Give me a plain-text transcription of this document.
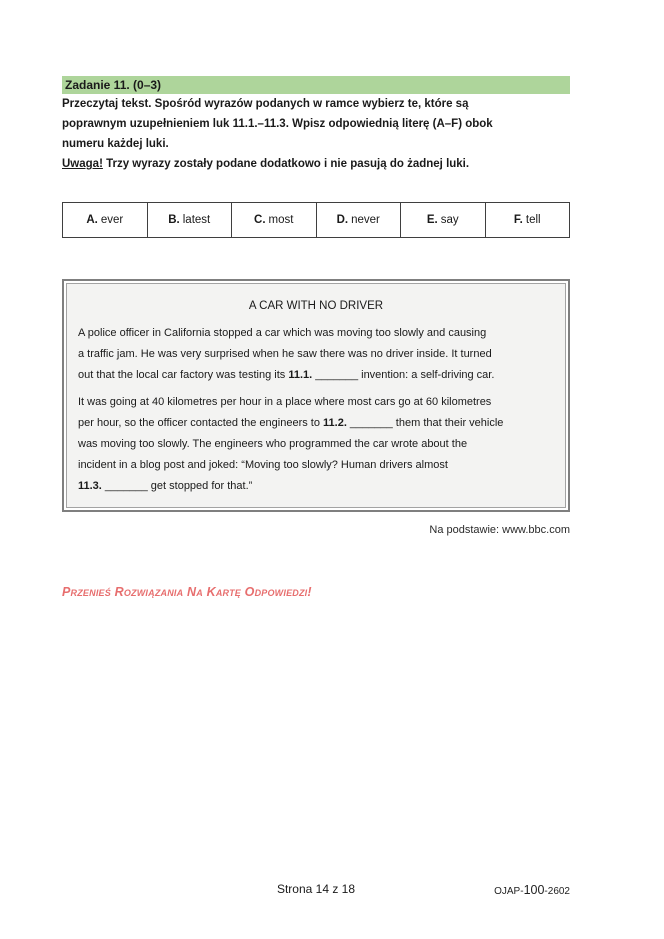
Zadanie 11. (0–3)
Przeczytaj tekst. Spośród wyrazów podanych w ramce wybierz te, które są
poprawnym uzupełnieniem luk 11.1.–11.3. Wpisz odpowiednią literę (A–F) obok
numeru każdej luki.
Uwaga! Trzy wyrazy zostały podane dodatkowo i nie pasują do żadnej luki.
A. ever	B. latest	C. most	D. never	E. say	F. tell
A CAR WITH NO DRIVER
A police officer in California stopped a car which was moving too slowly and causing
a traffic jam. He was very surprised when he saw there was no driver inside. It turned
out that the local car factory was testing its 11.1. _______ invention: a self-driving car.
It was going at 40 kilometres per hour in a place where most cars go at 60 kilometres
per hour, so the officer contacted the engineers to 11.2. _______ them that their vehicle
was moving too slowly. The engineers who programmed the car wrote about the
incident in a blog post and joked: “Moving too slowly? Human drivers almost
11.3. _______ get stopped for that.”
Na podstawie: www.bbc.com
Przenieś Rozwiązania Na Kartę Odpowiedzi!
Strona 14 z 18	OJAP-100-2602
